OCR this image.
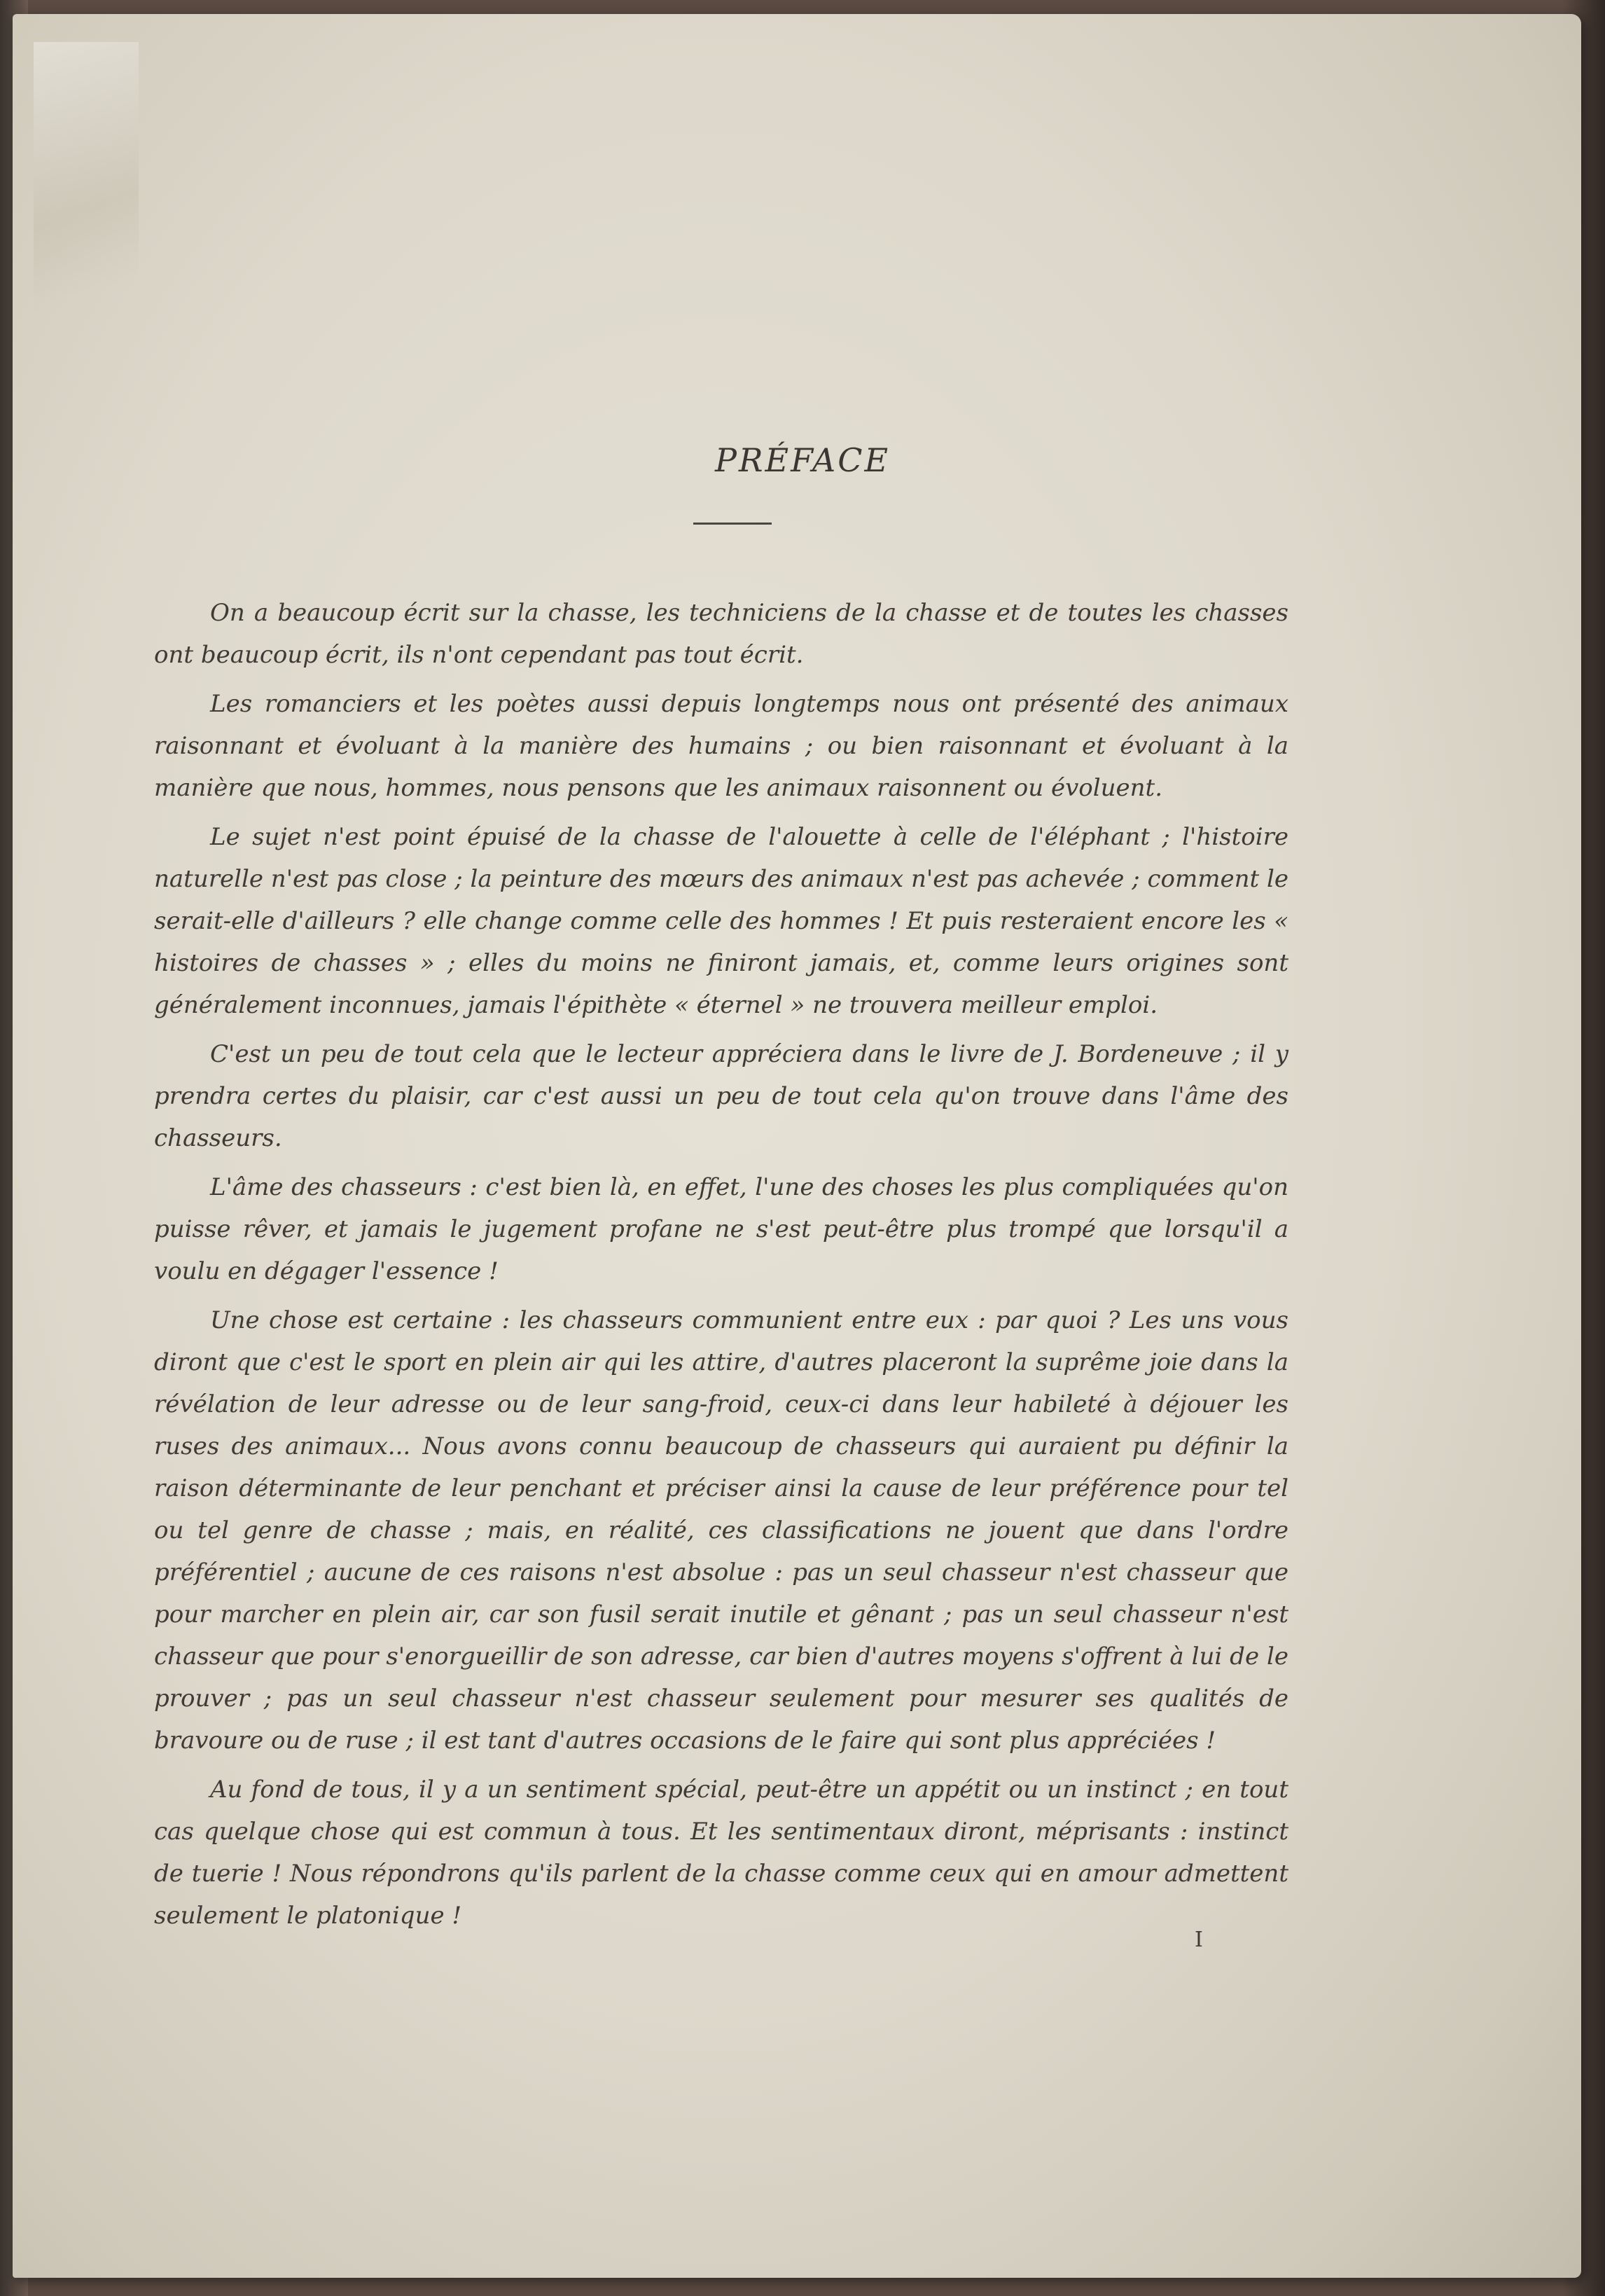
PRÉFACE

On a beaucoup écrit sur la chasse, les techniciens de la chasse et de toutes les chasses ont beaucoup écrit, ils n'ont cependant pas tout écrit.

Les romanciers et les poètes aussi depuis longtemps nous ont présenté des animaux raisonnant et évoluant à la manière des humains ; ou bien raisonnant et évoluant à la manière que nous, hommes, nous pensons que les animaux raisonnent ou évoluent.

Le sujet n'est point épuisé de la chasse de l'alouette à celle de l'éléphant ; l'histoire naturelle n'est pas close ; la peinture des mœurs des animaux n'est pas achevée ; comment le serait-elle d'ailleurs ? elle change comme celle des hommes ! Et puis resteraient encore les « histoires de chasses » ; elles du moins ne finiront jamais, et, comme leurs origines sont généralement inconnues, jamais l'épithète « éternel » ne trouvera meilleur emploi.

C'est un peu de tout cela que le lecteur appréciera dans le livre de J. Bordeneuve ; il y prendra certes du plaisir, car c'est aussi un peu de tout cela qu'on trouve dans l'âme des chasseurs.

L'âme des chasseurs : c'est bien là, en effet, l'une des choses les plus compliquées qu'on puisse rêver, et jamais le jugement profane ne s'est peut-être plus trompé que lorsqu'il a voulu en dégager l'essence !

Une chose est certaine : les chasseurs communient entre eux : par quoi ? Les uns vous diront que c'est le sport en plein air qui les attire, d'autres placeront la suprême joie dans la révélation de leur adresse ou de leur sang-froid, ceux-ci dans leur habileté à déjouer les ruses des animaux... Nous avons connu beaucoup de chasseurs qui auraient pu définir la raison déterminante de leur penchant et préciser ainsi la cause de leur préférence pour tel ou tel genre de chasse ; mais, en réalité, ces classifications ne jouent que dans l'ordre préférentiel ; aucune de ces raisons n'est absolue : pas un seul chasseur n'est chasseur que pour marcher en plein air, car son fusil serait inutile et gênant ; pas un seul chasseur n'est chasseur que pour s'enorgueillir de son adresse, car bien d'autres moyens s'offrent à lui de le prouver ; pas un seul chasseur n'est chasseur seulement pour mesurer ses qualités de bravoure ou de ruse ; il est tant d'autres occasions de le faire qui sont plus appréciées !

Au fond de tous, il y a un sentiment spécial, peut-être un appétit ou un instinct ; en tout cas quelque chose qui est commun à tous. Et les sentimentaux diront, méprisants : instinct de tuerie ! Nous répondrons qu'ils parlent de la chasse comme ceux qui en amour admettent seulement le platonique !

I
